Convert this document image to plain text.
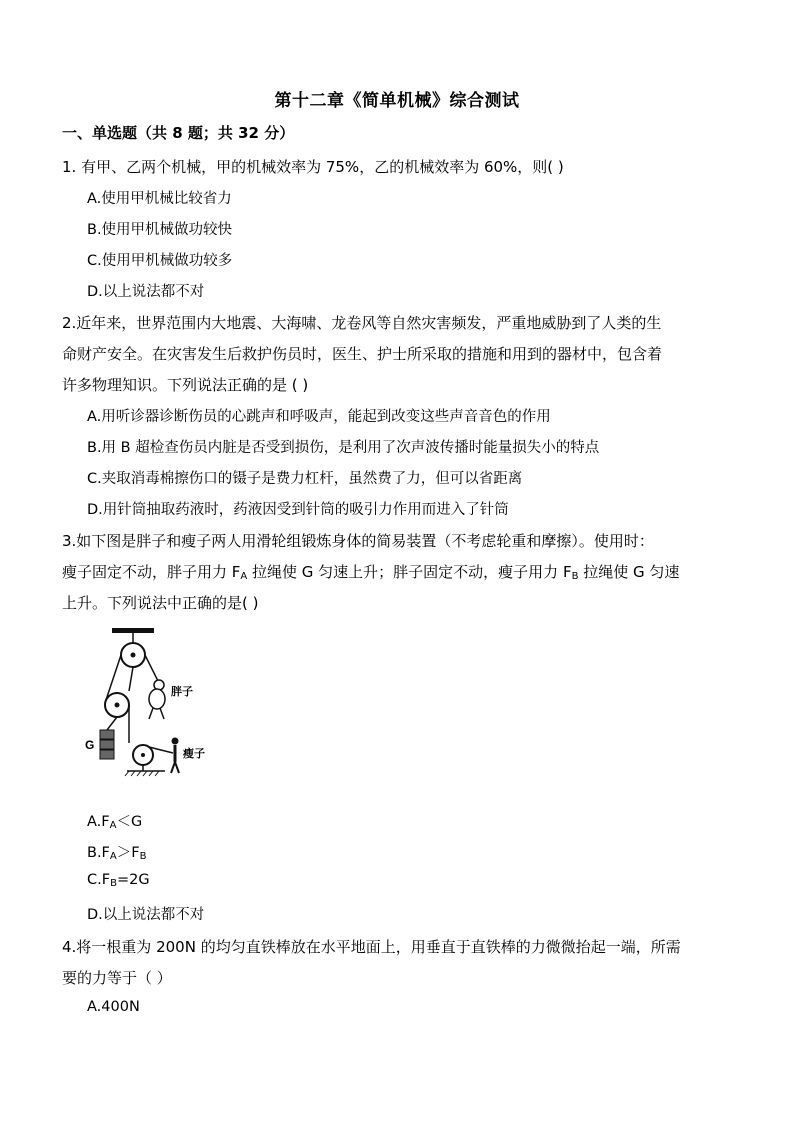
第十二章《简单机械》综合测试
一、单选题（共 8 题；共 32 分）
1. 有甲、乙两个机械，甲的机械效率为 75%，乙的机械效率为 60%，则( )
A.使用甲机械比较省力
B.使用甲机械做功较快
C.使用甲机械做功较多
D.以上说法都不对
2.近年来，世界范围内大地震、大海啸、龙卷风等自然灾害频发，严重地威胁到了人类的生
命财产安全。在灾害发生后救护伤员时，医生、护士所采取的措施和用到的器材中，包含着
许多物理知识。下列说法正确的是 ( )
A.用听诊器诊断伤员的心跳声和呼吸声，能起到改变这些声音音色的作用
B.用 B 超检查伤员内脏是否受到损伤，是利用了次声波传播时能量损失小的特点
C.夹取消毒棉擦伤口的镊子是费力杠杆，虽然费了力，但可以省距离
D.用针筒抽取药液时，药液因受到针筒的吸引力作用而进入了针筒
3.如下图是胖子和瘦子两人用滑轮组锻炼身体的简易装置（不考虑轮重和摩擦）。使用时：
瘦子固定不动，胖子用力 $F_A$ 拉绳使 G 匀速上升；胖子固定不动，瘦子用力 $F_B$ 拉绳使 G 匀速
上升。下列说法中正确的是( )
G
胖子
瘦子
$A.F_A<G$
$B.F_A>F_B$
$C.F_B=2G$
D.以上说法都不对
4.将一根重为 200N 的均匀直铁棒放在水平地面上，用垂直于直铁棒的力微微抬起一端，所需
要的力等于（ ）
A.400N
